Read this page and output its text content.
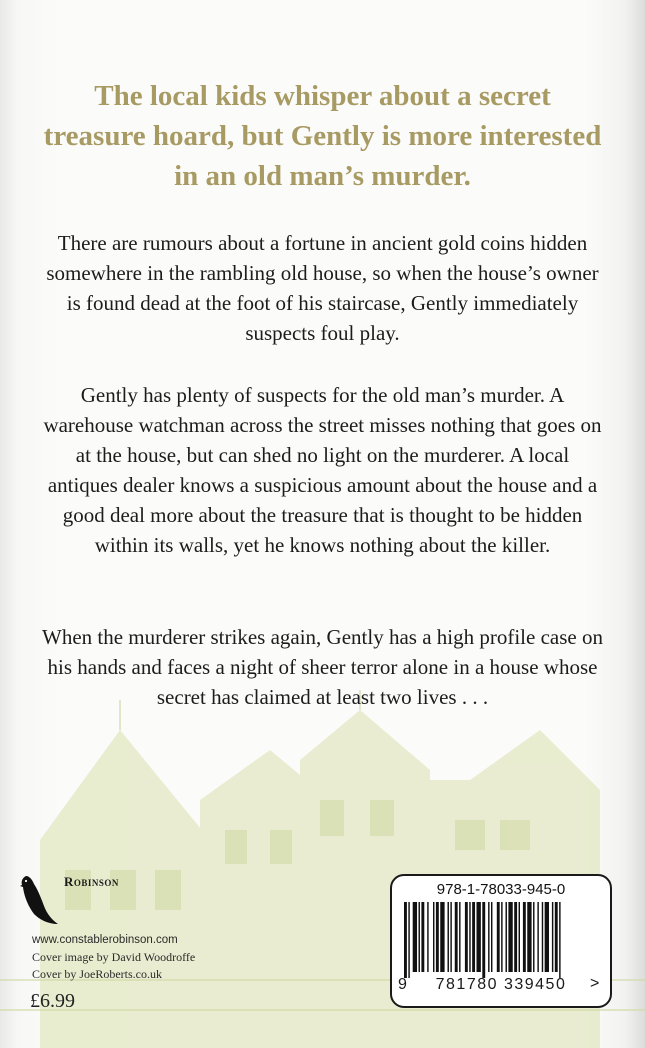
The local kids whisper about a secret treasure hoard, but Gently is more interested in an old man’s murder.
There are rumours about a fortune in ancient gold coins hidden somewhere in the rambling old house, so when the house’s owner is found dead at the foot of his staircase, Gently immediately suspects foul play.
Gently has plenty of suspects for the old man’s murder. A warehouse watchman across the street misses nothing that goes on at the house, but can shed no light on the murderer. A local antiques dealer knows a suspicious amount about the house and a good deal more about the treasure that is thought to be hidden within its walls, yet he knows nothing about the killer.
When the murderer strikes again, Gently has a high profile case on his hands and faces a night of sheer terror alone in a house whose secret has claimed at least two lives . . .
Robinson
www.constablerobinson.com
Cover image by David Woodroffe
Cover by JoeRoberts.co.uk
£6.99
978-1-78033-945-0
9	781780 339450	>
